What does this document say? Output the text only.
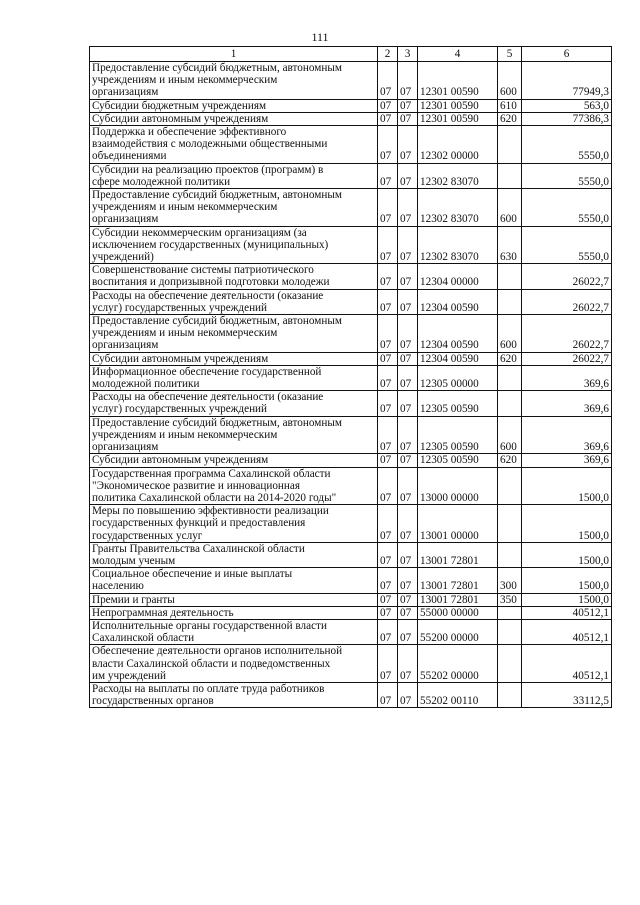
111
1	2	3	4	5	6
Предоставление субсидий бюджетным, автономным
учреждениям и иным некоммерческим
организациям	07	07	12301 00590	600	77949,3
Субсидии бюджетным учреждениям	07	07	12301 00590	610	563,0
Субсидии автономным учреждениям	07	07	12301 00590	620	77386,3
Поддержка и обеспечение эффективного
взаимодействия с молодежными общественными
объединениями	07	07	12302 00000		5550,0
Субсидии на реализацию проектов (программ) в
сфере молодежной политики	07	07	12302 83070		5550,0
Предоставление субсидий бюджетным, автономным
учреждениям и иным некоммерческим
организациям	07	07	12302 83070	600	5550,0
Субсидии некоммерческим организациям (за
исключением государственных (муниципальных)
учреждений)	07	07	12302 83070	630	5550,0
Совершенствование системы патриотического
воспитания и допризывной подготовки молодежи	07	07	12304 00000		26022,7
Расходы на обеспечение деятельности (оказание
услуг) государственных учреждений	07	07	12304 00590		26022,7
Предоставление субсидий бюджетным, автономным
учреждениям и иным некоммерческим
организациям	07	07	12304 00590	600	26022,7
Субсидии автономным учреждениям	07	07	12304 00590	620	26022,7
Информационное обеспечение государственной
молодежной политики	07	07	12305 00000		369,6
Расходы на обеспечение деятельности (оказание
услуг) государственных учреждений	07	07	12305 00590		369,6
Предоставление субсидий бюджетным, автономным
учреждениям и иным некоммерческим
организациям	07	07	12305 00590	600	369,6
Субсидии автономным учреждениям	07	07	12305 00590	620	369,6
Государственная программа Сахалинской области
"Экономическое развитие и инновационная
политика Сахалинской области на 2014-2020 годы"	07	07	13000 00000		1500,0
Меры по повышению эффективности реализации
государственных функций и предоставления
государственных услуг	07	07	13001 00000		1500,0
Гранты Правительства Сахалинской области
молодым ученым	07	07	13001 72801		1500,0
Социальное обеспечение и иные выплаты
населению	07	07	13001 72801	300	1500,0
Премии и гранты	07	07	13001 72801	350	1500,0
Непрограммная деятельность	07	07	55000 00000		40512,1
Исполнительные органы государственной власти
Сахалинской области	07	07	55200 00000		40512,1
Обеспечение деятельности органов исполнительной
власти Сахалинской области и подведомственных
им учреждений	07	07	55202 00000		40512,1
Расходы на выплаты по оплате труда работников
государственных органов	07	07	55202 00110		33112,5
